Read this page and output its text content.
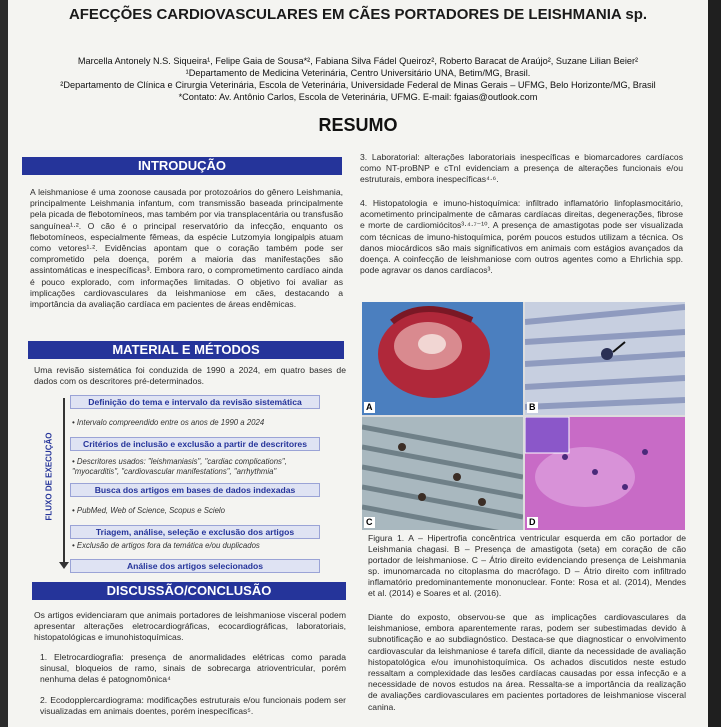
AFECÇÕES CARDIOVASCULARES EM CÃES PORTADORES DE LEISHMANIA sp.
Marcella Antonely N.S. Siqueira¹, Felipe Gaia de Sousa*², Fabiana Silva Fádel Queiroz², Roberto Baracat de Araújo², Suzane Lilian Beier²
¹Departamento de Medicina Veterinária, Centro Universitário UNA, Betim/MG, Brasil.
²Departamento de Clínica e Cirurgia Veterinária, Escola de Veterinária, Universidade Federal de Minas Gerais – UFMG, Belo Horizonte/MG, Brasil
*Contato: Av. Antônio Carlos, Escola de Veterinária, UFMG. E-mail: fgaias@outlook.com
RESUMO
INTRODUÇÃO
A leishmaniose é uma zoonose causada por protozoários do gênero Leishmania, principalmente Leishmania infantum, com transmissão baseada principalmente pela picada de flebotomíneos, mas também por via transplacentária ou transfusão sanguínea¹·². O cão é o principal reservatório da infecção, enquanto os flebotomíneos, especialmente fêmeas, da espécie Lutzomyia longipalpis atuam como vetores¹·². Evidências apontam que o coração também pode ser comprometido pela doença, porém a maioria das manifestações são assintomáticas e inespecíficas³. Embora raro, o comprometimento cardíaco ainda é pouco explorado, com informações limitadas. O objetivo foi avaliar as implicações cardiovasculares da leishmaniose em cães, destacando a importância da avaliação cardíaca em pacientes de áreas endêmicas.
MATERIAL E MÉTODOS
Uma revisão sistemática foi conduzida de 1990 a 2024, em quatro bases de dados com os descritores pré-determinados.
FLUXO DE EXECUÇÃO
Definição do tema e intervalo da revisão sistemática
• Intervalo compreendido entre os anos de 1990 a 2024
Critérios de inclusão e exclusão a partir de descritores
• Descritores usados: "leishmaniasis", "cardiac complications", "myocarditis", "cardiovascular manifestations", "arrhythmia"
Busca dos artigos em bases de dados indexadas
• PubMed, Web of Science, Scopus e Scielo
Triagem, análise, seleção e exclusão dos artigos
• Exclusão de artigos fora da temática e/ou duplicados
Análise dos artigos selecionados
DISCUSSÃO/CONCLUSÃO
Os artigos evidenciaram que animais portadores de leishmaniose visceral podem apresentar alterações eletrocardiográficas, ecocardiográficas, laboratoriais, histopatológicas e imunohistoquímicas.
1. Eletrocardiografia: presença de anormalidades elétricas como parada sinusal, bloqueios de ramo, sinais de sobrecarga atrioventricular, porém nenhuma delas é patognomônica⁴
2. Ecodopplercardiograma: modificações estruturais e/ou funcionais podem ser visualizadas em animais doentes, porém inespecíficas⁵.
3. Laboratorial: alterações laboratoriais inespecíficas e biomarcadores cardíacos como NT-proBNP e cTnI evidenciam a presença de alterações funcionais e/ou estruturais, embora inespecíficas⁴·⁶.
4. Histopatologia e imuno-histoquímica: infiltrado inflamatório linfoplasmocitário, acometimento principalmente de câmaras cardíacas direitas, degenerações, fibrose e morte de cardiomiócitos³·⁴·⁷⁻¹⁰. A presença de amastigotas pode ser visualizada com técnicas de imuno-histoquímica, porém poucos estudos utilizam a técnica. Os danos miocárdicos são mais significativos em animais com estágios avançados da doença. A coinfecção de leishmaniose com outros agentes como a Ehrlichia spp. pode agravar os danos cardíacos³.
A	B
C	D
Figura 1. A – Hipertrofia concêntrica ventricular esquerda em cão portador de Leishmania chagasi. B – Presença de amastigota (seta) em coração de cão portador de leishmaniose. C – Átrio direito evidenciando presença de Leishmania sp. imunomarcada no citoplasma do macrófago. D – Átrio direito com infiltrado inflamatório predominantemente mononuclear. Fonte: Rosa et al. (2014), Mendes et al. (2014) e Soares et al. (2016).
Diante do exposto, observou-se que as implicações cardiovasculares da leishmaniose, embora aparentemente raras, podem ser subestimadas devido à subnotificação e ao subdiagnóstico. Destaca-se que diagnosticar o envolvimento cardiovascular da leishmaniose é tarefa difícil, diante da necessidade de avaliação histopatológica e/ou imunohistoquímica. Os achados discutidos neste estudo ressaltam a complexidade das lesões cardíacas causadas por essa infecção e a necessidade de novos estudos na área. Ressalta-se a importância da realização de avaliações cardiovasculares em pacientes portadores de leishmaniose visceral canina.
